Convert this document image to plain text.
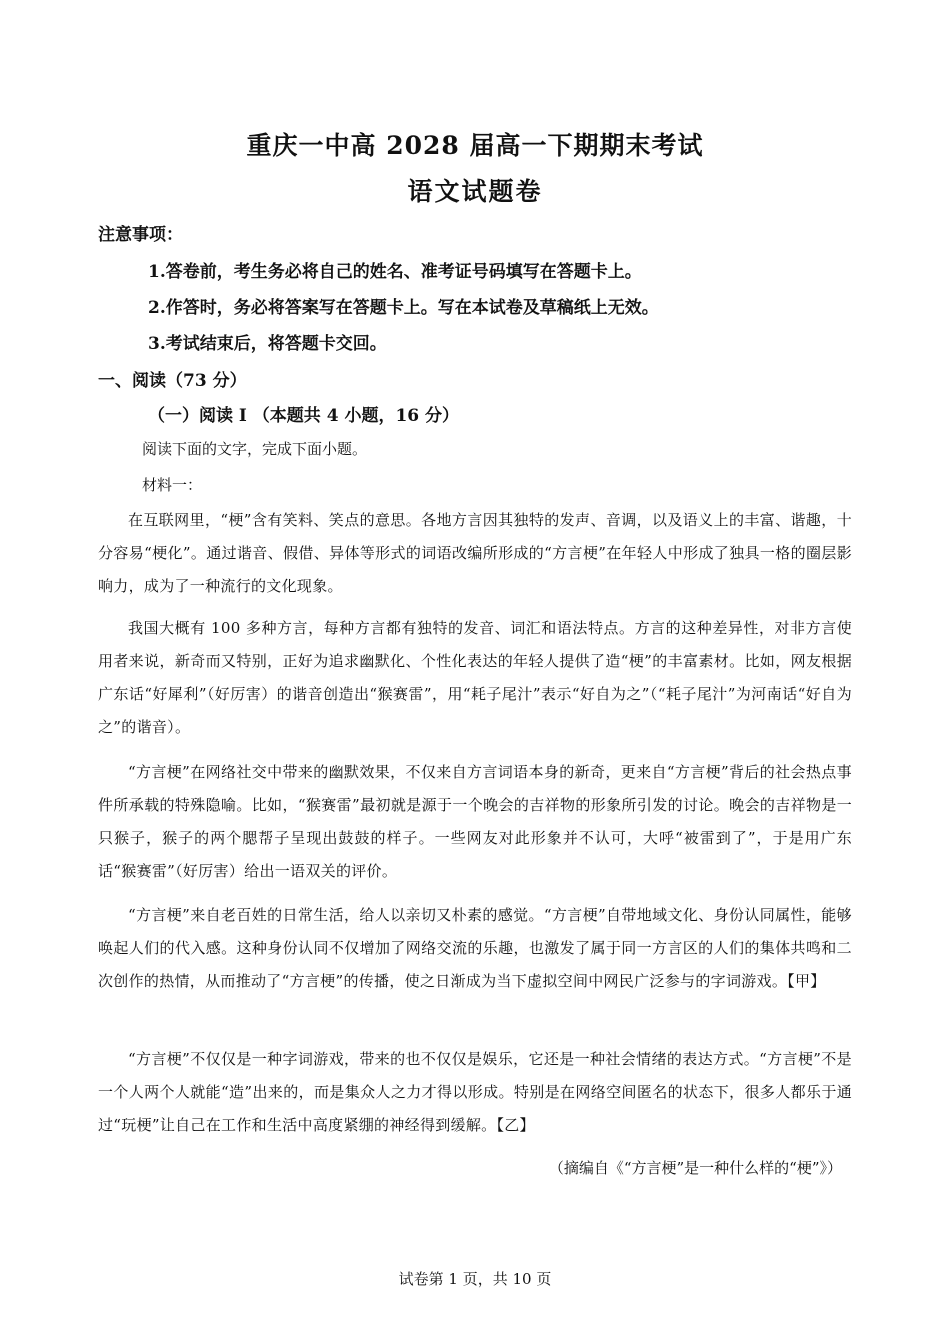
重庆一中高 2028 届高一下期期末考试
语文试题卷
注意事项：
1.答卷前，考生务必将自己的姓名、准考证号码填写在答题卡上。
2.作答时，务必将答案写在答题卡上。写在本试卷及草稿纸上无效。
3.考试结束后，将答题卡交回。
一、阅读（73 分）
（一）阅读 I （本题共 4 小题，16 分）
阅读下面的文字，完成下面小题。
材料一：

在互联网里，“梗”含有笑料、笑点的意思。各地方言因其独特的发声、音调，以及语义上的丰富、谐趣，十分容易“梗化”。通过谐音、假借、异体等形式的词语改编所形成的“方言梗”在年轻人中形成了独具一格的圈层影响力，成为了一种流行的文化现象。

我国大概有 100 多种方言，每种方言都有独特的发音、词汇和语法特点。方言的这种差异性，对非方言使用者来说，新奇而又特别，正好为追求幽默化、个性化表达的年轻人提供了造“梗”的丰富素材。比如，网友根据广东话“好犀利”（好厉害）的谐音创造出“猴赛雷”，用“耗子尾汁”表示“好自为之”（“耗子尾汁”为河南话“好自为之”的谐音）。

“方言梗”在网络社交中带来的幽默效果，不仅来自方言词语本身的新奇，更来自“方言梗”背后的社会热点事件所承载的特殊隐喻。比如，“猴赛雷”最初就是源于一个晚会的吉祥物的形象所引发的讨论。晚会的吉祥物是一只猴子，猴子的两个腮帮子呈现出鼓鼓的样子。一些网友对此形象并不认可，大呼“被雷到了”，于是用广东话“猴赛雷”（好厉害）给出一语双关的评价。

“方言梗”来自老百姓的日常生活，给人以亲切又朴素的感觉。“方言梗”自带地域文化、身份认同属性，能够唤起人们的代入感。这种身份认同不仅增加了网络交流的乐趣，也激发了属于同一方言区的人们的集体共鸣和二次创作的热情，从而推动了“方言梗”的传播，使之日渐成为当下虚拟空间中网民广泛参与的字词游戏。【甲】

“方言梗”不仅仅是一种字词游戏，带来的也不仅仅是娱乐，它还是一种社会情绪的表达方式。“方言梗”不是一个人两个人就能“造”出来的，而是集众人之力才得以形成。特别是在网络空间匿名的状态下，很多人都乐于通过“玩梗”让自己在工作和生活中高度紧绷的神经得到缓解。【乙】

（摘编自《“方言梗”是一种什么样的“梗”》）
试卷第 1 页，共 10 页
